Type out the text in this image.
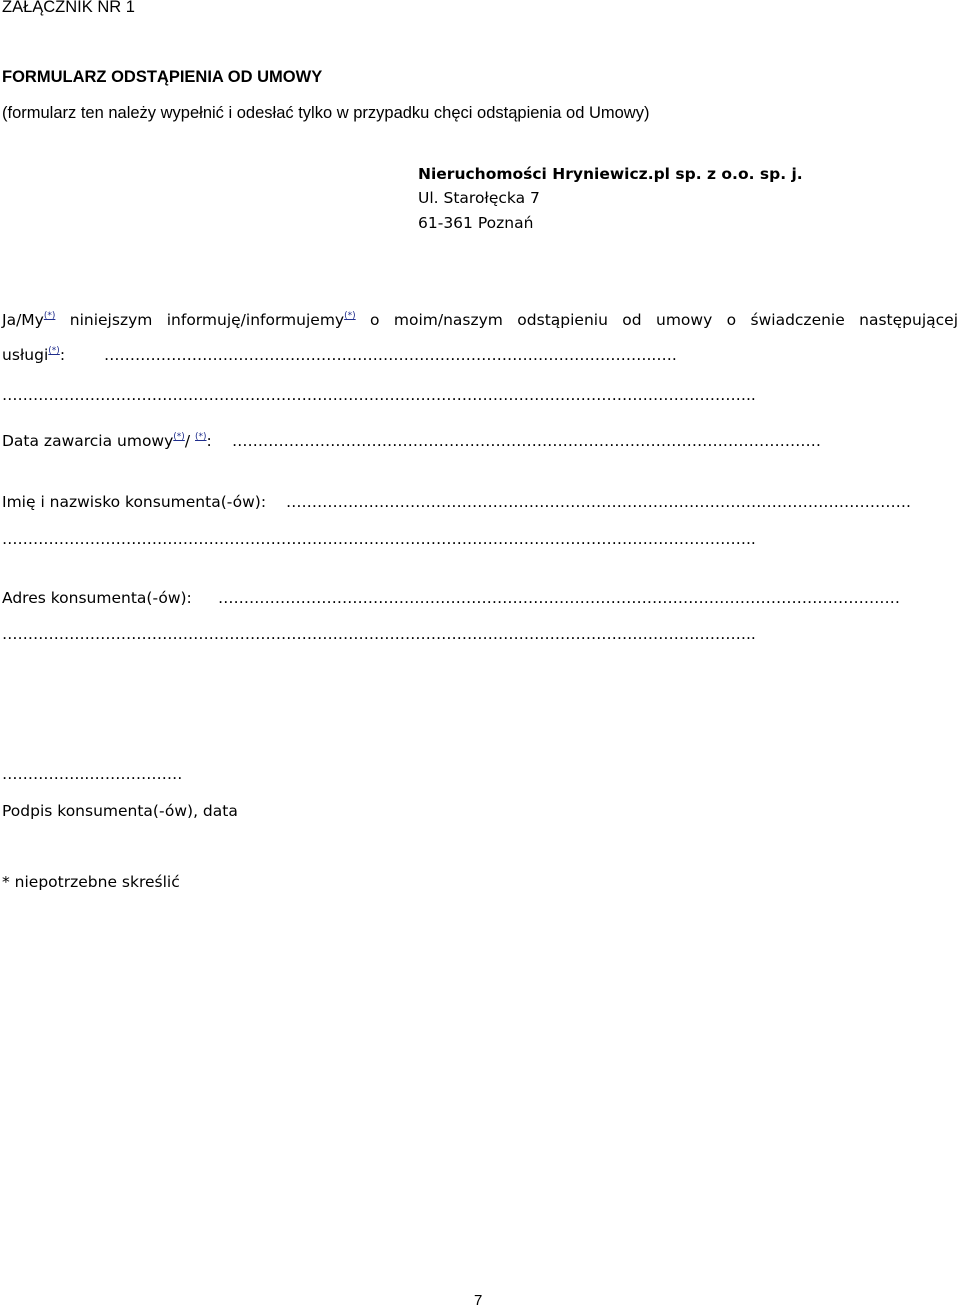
ZAŁĄCZNIK NR 1
FORMULARZ ODSTĄPIENIA OD UMOWY
(formularz ten należy wypełnić i odesłać tylko w przypadku chęci odstąpienia od Umowy)
Nieruchomości Hryniewicz.pl sp. z o.o. sp. j.
Ul. Starołęcka 7
61-361 Poznań
Ja/My(*) niniejszym informuję/informujemy(*) o moim/naszym odstąpieniu od umowy o świadczenie następującej
usługi(*):	……………………………………………………………………………………………..….
………………………………………………………………………………………………………………………………..
Data zawarcia umowy(*)/ (*): ……………………………………………………………………………………………………
Imię i nazwisko konsumenta(-ów): ………………………………………………………………………………………………………….
………………………………………………………………………………………………………………………………..
Adres konsumenta(-ów): ……………………………………………………………………………………………………………………
………………………………………………………………………………………………………………………………..
……………..………………
Podpis konsumenta(-ów), data
* niepotrzebne skreślić
7
